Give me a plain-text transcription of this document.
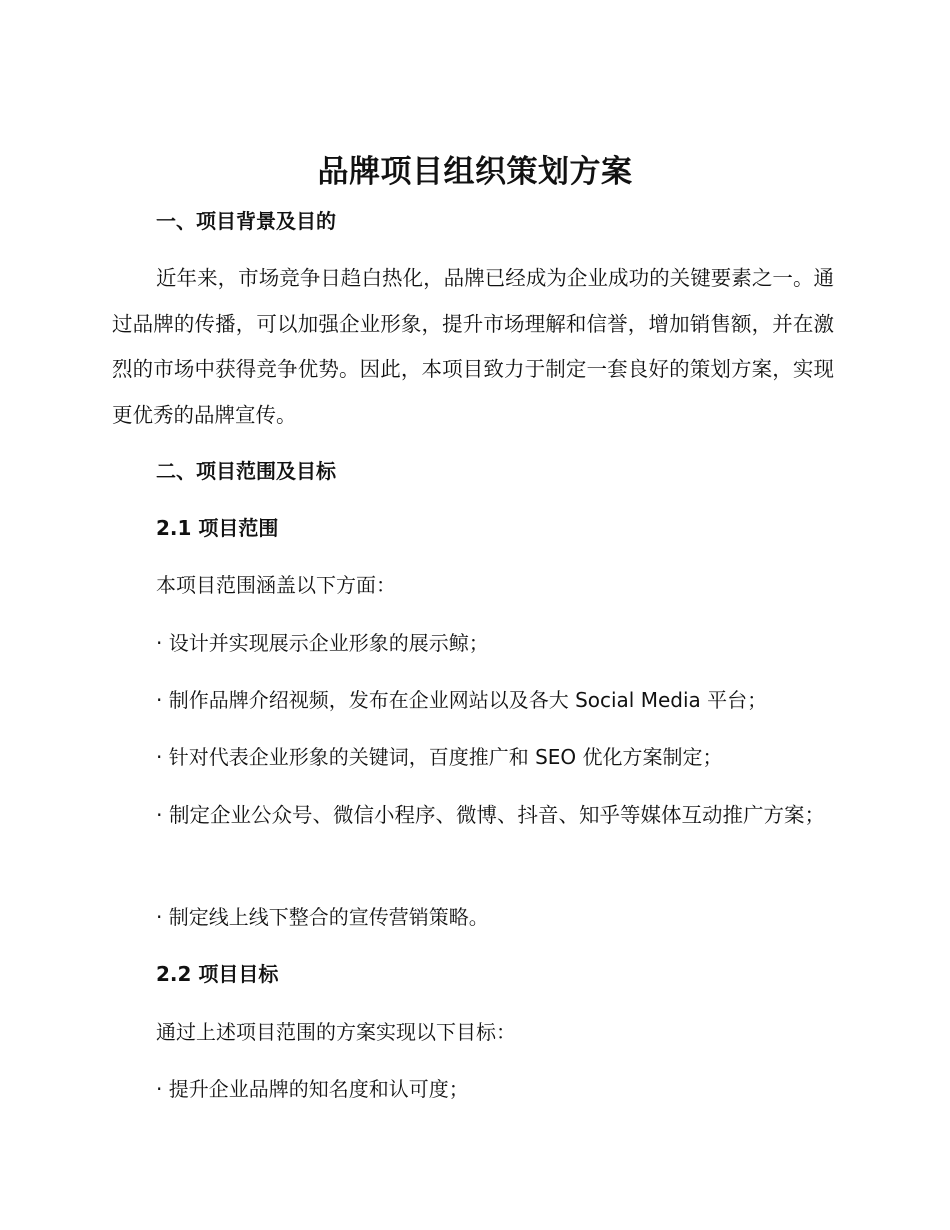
品牌项目组织策划方案
一、项目背景及目的
近年来，市场竞争日趋白热化，品牌已经成为企业成功的关键要素之一。通过品牌的传播，可以加强企业形象，提升市场理解和信誉，增加销售额，并在激烈的市场中获得竞争优势。因此，本项目致力于制定一套良好的策划方案，实现更优秀的品牌宣传。
二、项目范围及目标
2.1 项目范围
本项目范围涵盖以下方面：
· 设计并实现展示企业形象的展示鲸；
· 制作品牌介绍视频，发布在企业网站以及各大 Social Media 平台；
· 针对代表企业形象的关键词，百度推广和 SEO 优化方案制定；
· 制定企业公众号、微信小程序、微博、抖音、知乎等媒体互动推广方案；
· 制定线上线下整合的宣传营销策略。
2.2 项目目标
通过上述项目范围的方案实现以下目标：
· 提升企业品牌的知名度和认可度；
